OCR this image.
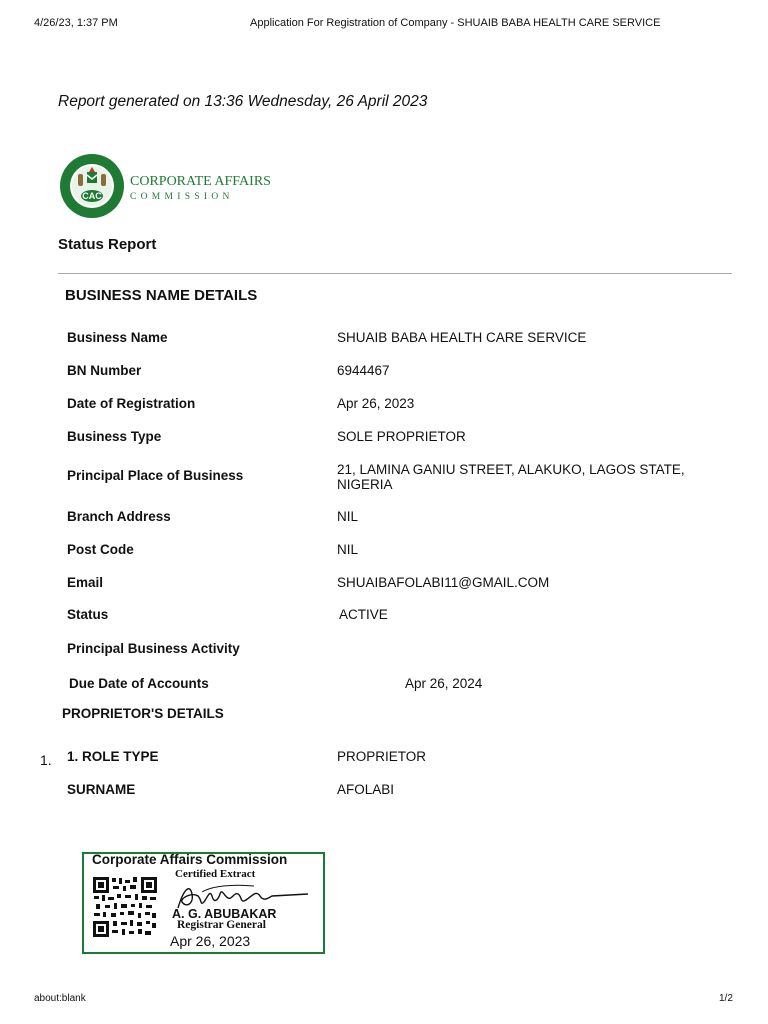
4/26/23, 1:37 PM	Application For Registration of Company - SHUAIB BABA HEALTH CARE SERVICE
Report generated on 13:36 Wednesday, 26 April 2023
CAC
CORPORATE AFFAIRS
COMMISSION
Status Report
BUSINESS NAME DETAILS
Business Name	SHUAIB BABA HEALTH CARE SERVICE
BN Number	6944467
Date of Registration	Apr 26, 2023
Business Type	SOLE PROPRIETOR
Principal Place of Business	21, LAMINA GANIU STREET, ALAKUKO, LAGOS STATE, NIGERIA
Branch Address	NIL
Post Code	NIL
Email	SHUAIBAFOLABI11@GMAIL.COM
Status	ACTIVE
Principal Business Activity
Due Date of Accounts	Apr 26, 2024
PROPRIETOR'S DETAILS
1. 1. ROLE TYPE	PROPRIETOR
SURNAME	AFOLABI
Corporate Affairs Commission
Certified Extract
A. G. ABUBAKAR
Registrar General
Apr 26, 2023
about:blank	1/2
